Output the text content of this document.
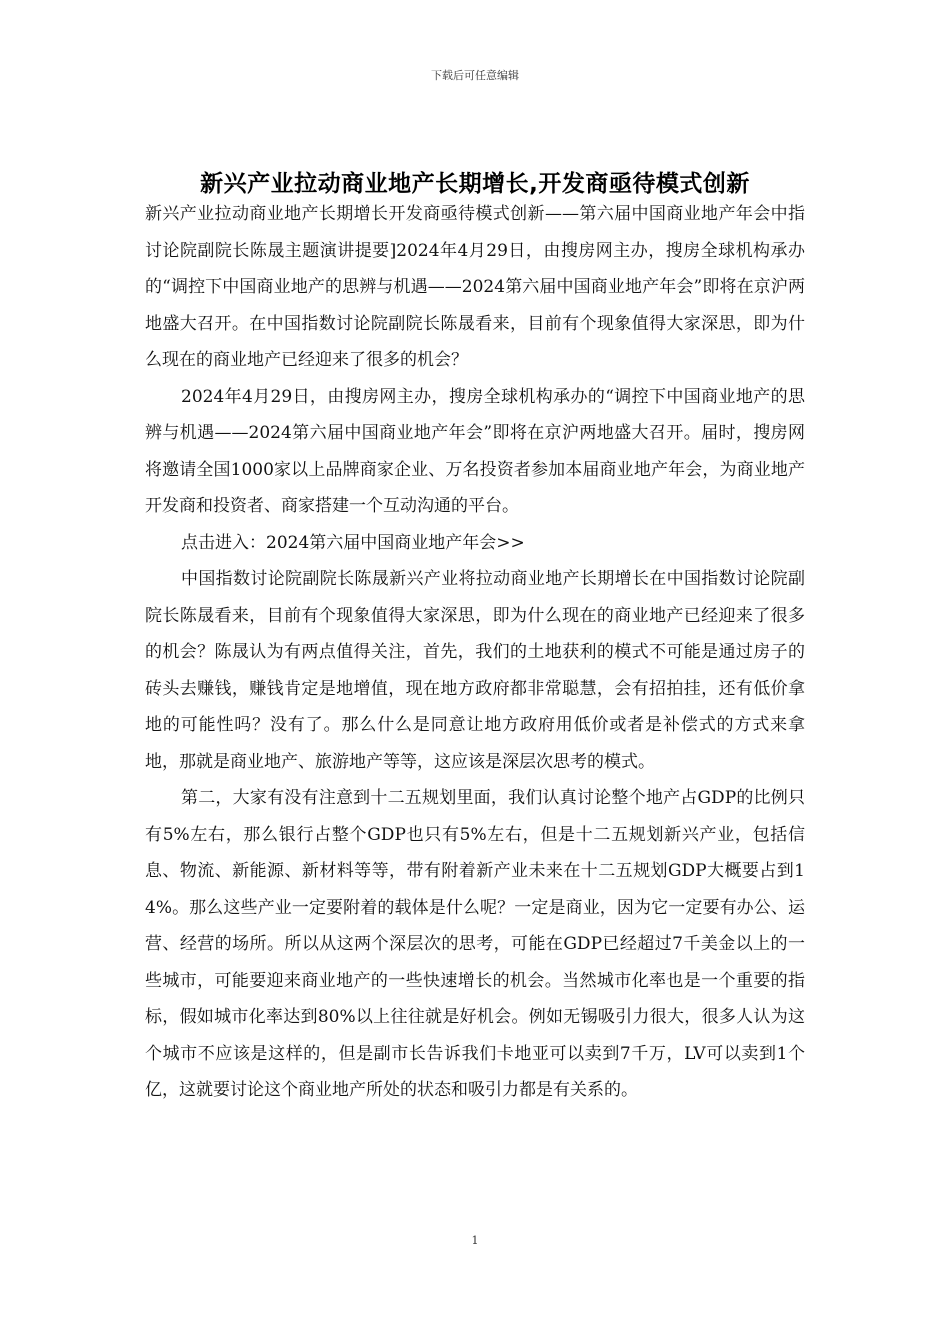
下载后可任意编辑
新兴产业拉动商业地产长期增长,开发商亟待模式创新

新兴产业拉动商业地产长期增长开发商亟待模式创新——第六届中国商业地产年会中指讨论院副院长陈晟主题演讲提要]2024年4月29日，由搜房网主办，搜房全球机构承办的“调控下中国商业地产的思辨与机遇——2024第六届中国商业地产年会”即将在京沪两地盛大召开。在中国指数讨论院副院长陈晟看来，目前有个现象值得大家深思，即为什么现在的商业地产已经迎来了很多的机会？

2024年4月29日，由搜房网主办，搜房全球机构承办的“调控下中国商业地产的思辨与机遇——2024第六届中国商业地产年会”即将在京沪两地盛大召开。届时，搜房网将邀请全国1000家以上品牌商家企业、万名投资者参加本届商业地产年会，为商业地产开发商和投资者、商家搭建一个互动沟通的平台。

点击进入：2024第六届中国商业地产年会>>

中国指数讨论院副院长陈晟新兴产业将拉动商业地产长期增长在中国指数讨论院副院长陈晟看来，目前有个现象值得大家深思，即为什么现在的商业地产已经迎来了很多的机会？陈晟认为有两点值得关注，首先，我们的土地获利的模式不可能是通过房子的砖头去赚钱，赚钱肯定是地增值，现在地方政府都非常聪慧，会有招拍挂，还有低价拿地的可能性吗？没有了。那么什么是同意让地方政府用低价或者是补偿式的方式来拿地，那就是商业地产、旅游地产等等，这应该是深层次思考的模式。

第二，大家有没有注意到十二五规划里面，我们认真讨论整个地产占GDP的比例只有5%左右，那么银行占整个GDP也只有5%左右，但是十二五规划新兴产业，包括信息、物流、新能源、新材料等等，带有附着新产业未来在十二五规划GDP大概要占到14%。那么这些产业一定要附着的载体是什么呢？一定是商业，因为它一定要有办公、运营、经营的场所。所以从这两个深层次的思考，可能在GDP已经超过7千美金以上的一些城市，可能要迎来商业地产的一些快速增长的机会。当然城市化率也是一个重要的指标，假如城市化率达到80%以上往往就是好机会。例如无锡吸引力很大，很多人认为这个城市不应该是这样的，但是副市长告诉我们卡地亚可以卖到7千万，LV可以卖到1个亿，这就要讨论这个商业地产所处的状态和吸引力都是有关系的。

1
